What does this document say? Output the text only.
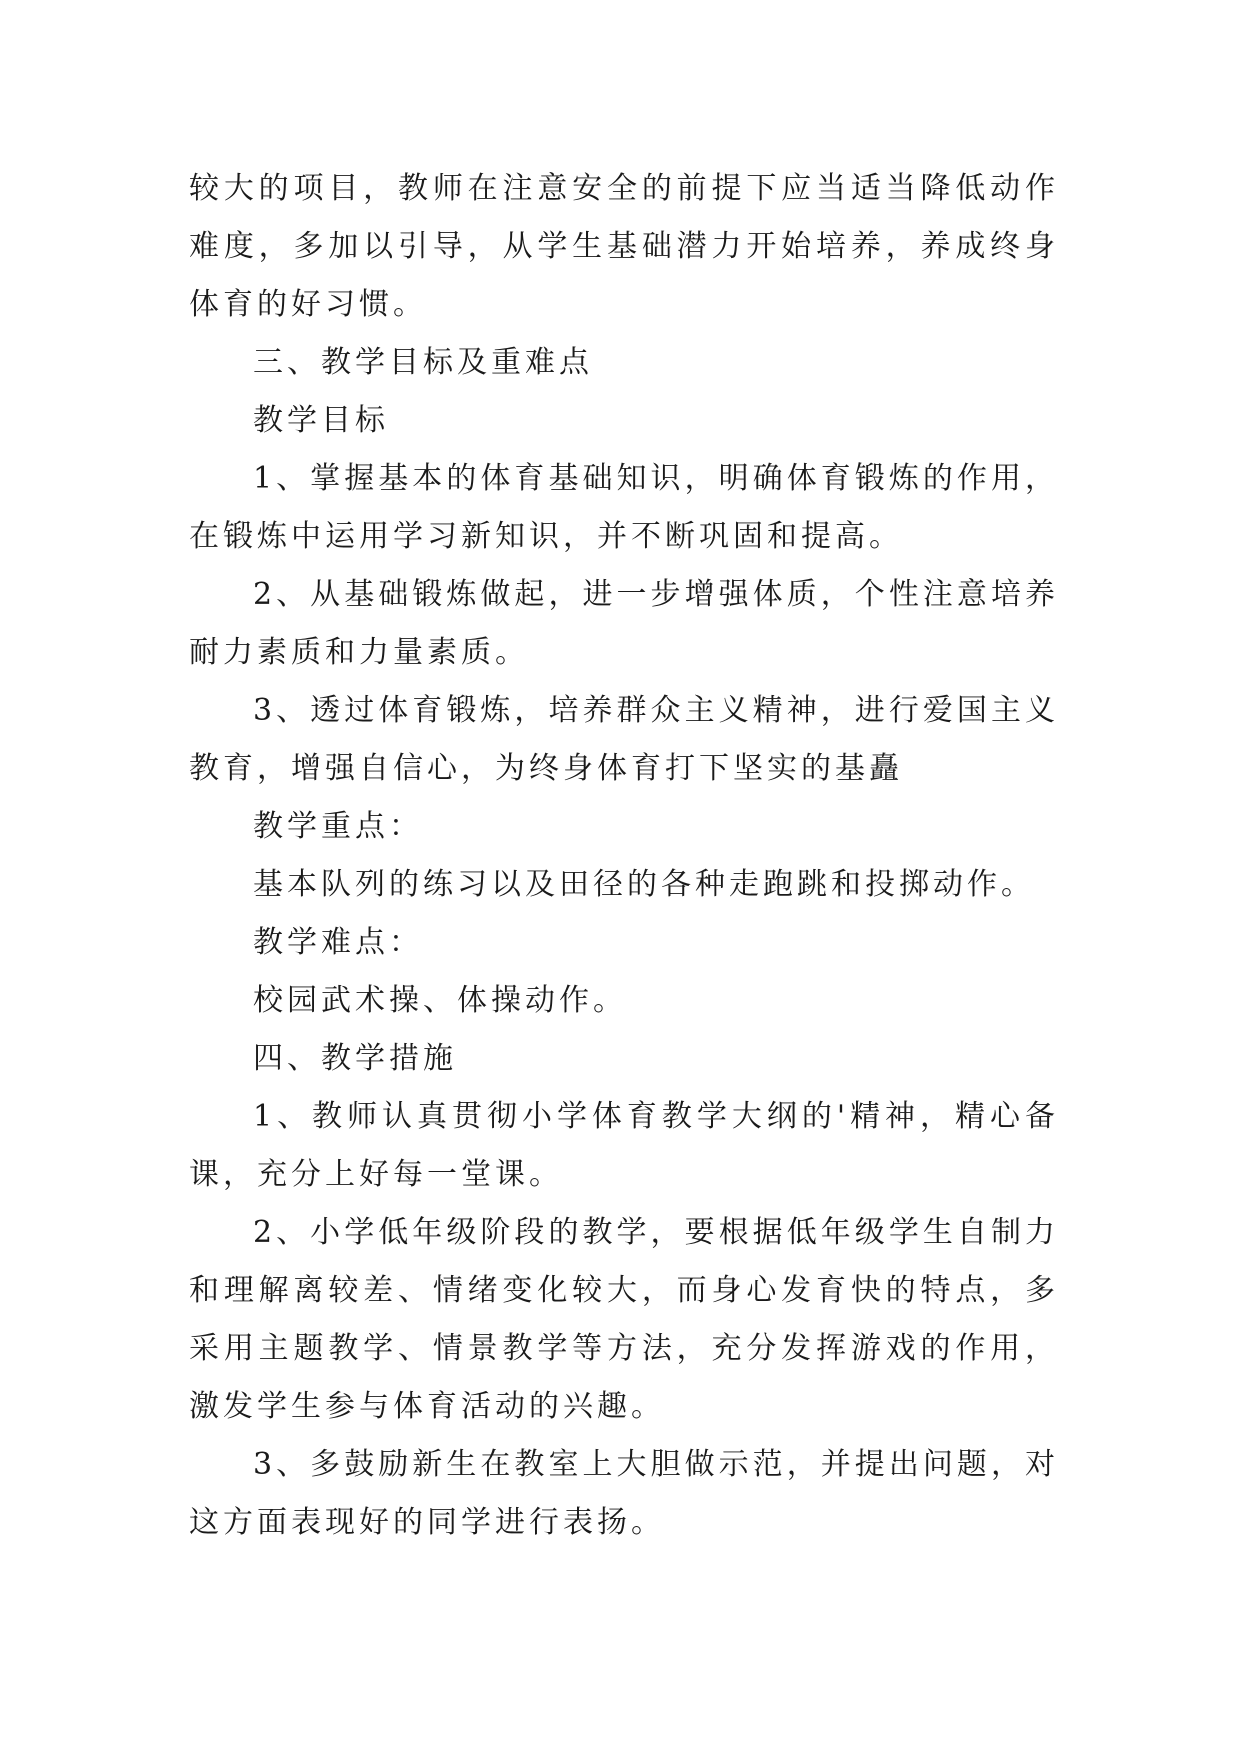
较大的项目，教师在注意安全的前提下应当适当降低动作难度，多加以引导，从学生基础潜力开始培养，养成终身体育的好习惯。

三、教学目标及重难点

教学目标

1、掌握基本的体育基础知识，明确体育锻炼的作用，在锻炼中运用学习新知识，并不断巩固和提高。

2、从基础锻炼做起，进一步增强体质，个性注意培养耐力素质和力量素质。

3、透过体育锻炼，培养群众主义精神，进行爱国主义教育，增强自信心，为终身体育打下坚实的基矗

教学重点：

基本队列的练习以及田径的各种走跑跳和投掷动作。

教学难点：

校园武术操、体操动作。

四、教学措施

1、教师认真贯彻小学体育教学大纲的'精神，精心备课，充分上好每一堂课。

2、小学低年级阶段的教学，要根据低年级学生自制力和理解离较差、情绪变化较大，而身心发育快的特点，多采用主题教学、情景教学等方法，充分发挥游戏的作用，激发学生参与体育活动的兴趣。

3、多鼓励新生在教室上大胆做示范，并提出问题，对这方面表现好的同学进行表扬。
